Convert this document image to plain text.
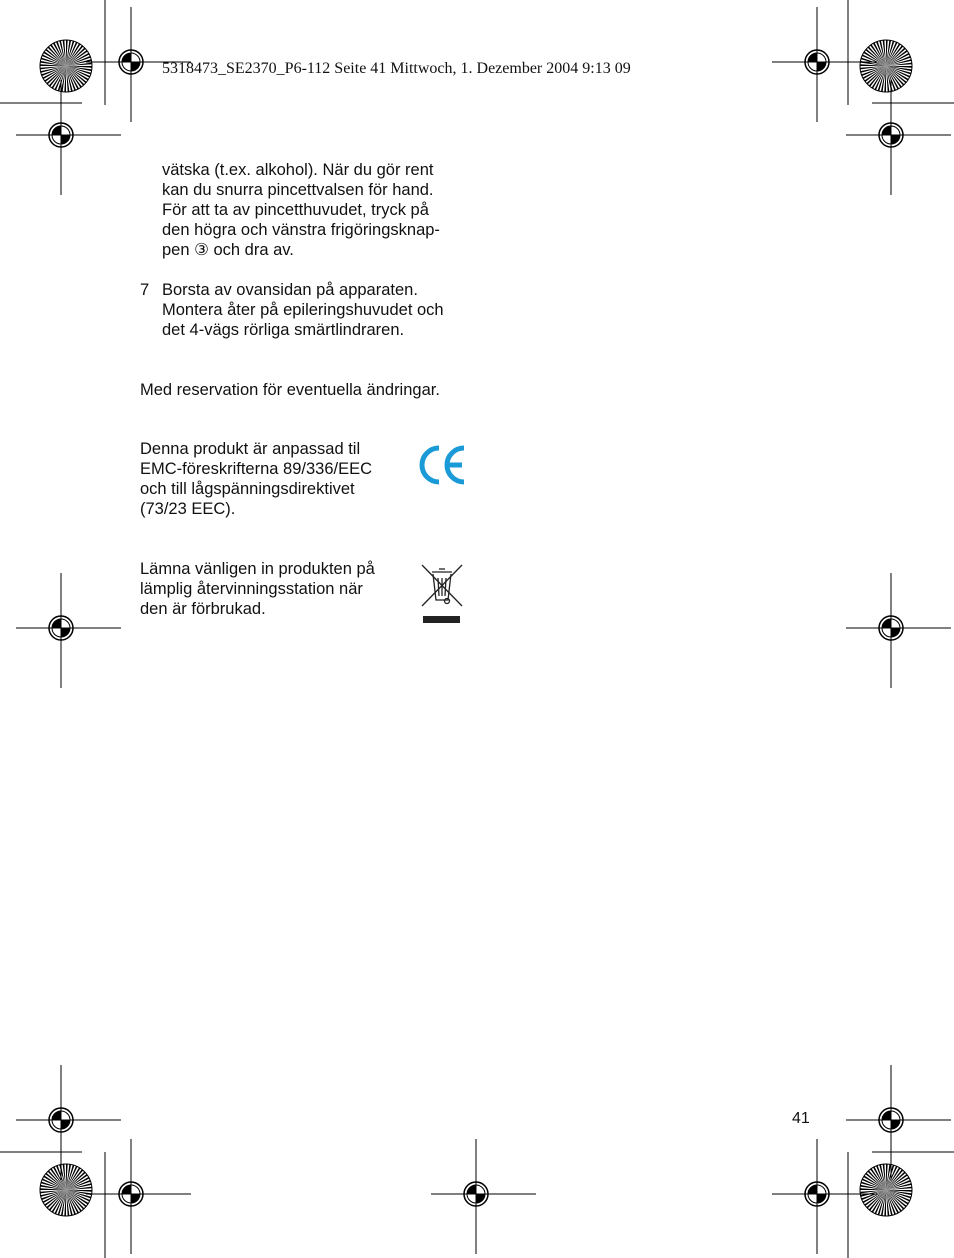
5318473_SE2370_P6-112 Seite 41 Mittwoch, 1. Dezember 2004 9:13 09
vätska (t.ex. alkohol). När du gör rent
kan du snurra pincettvalsen för hand.
För att ta av pincetthuvudet, tryck på
den högra och vänstra frigöringsknap-
pen ③ och dra av.
7 Borsta av ovansidan på apparaten.
Montera åter på epileringshuvudet och
det 4-vägs rörliga smärtlindraren.
Med reservation för eventuella ändringar.
Denna produkt är anpassad til
EMC-föreskrifterna 89/336/EEC
och till lågspänningsdirektivet
(73/23 EEC).
Lämna vänligen in produkten på
lämplig återvinningsstation när
den är förbrukad.
41
